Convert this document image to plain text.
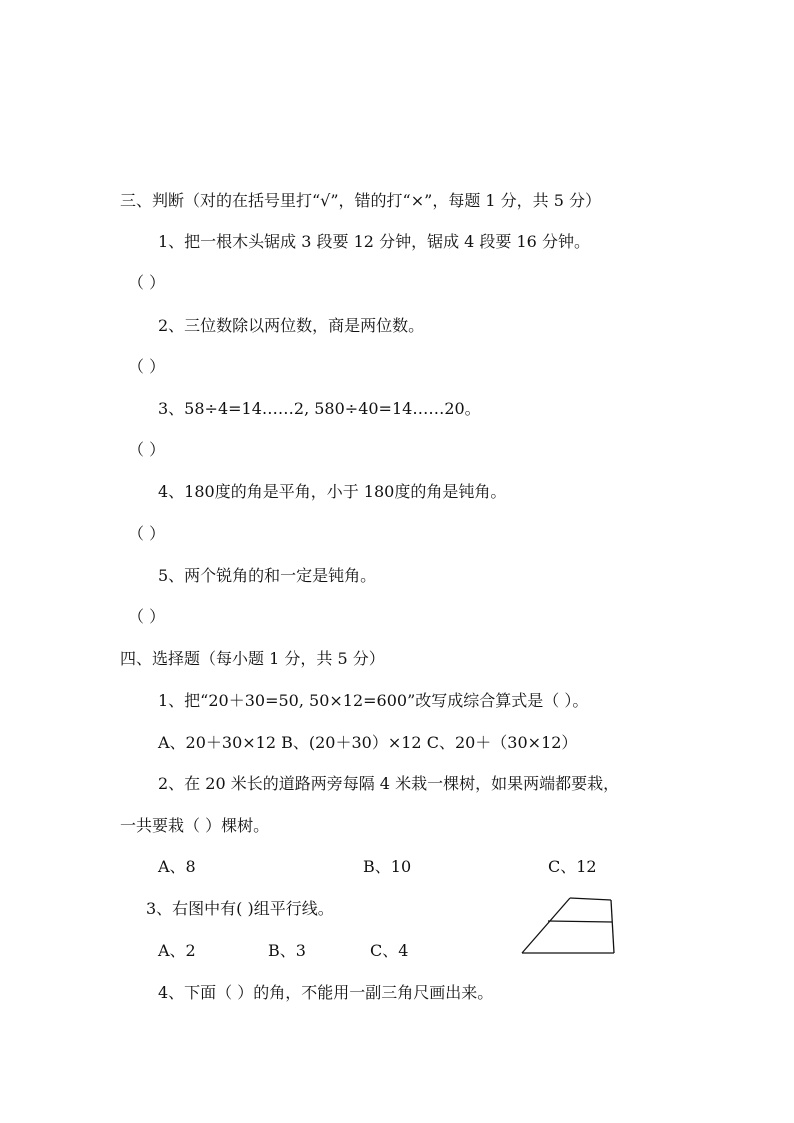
三、判断（对的在括号里打“√”，错的打“×”，每题 1 分，共 5 分）
1、把一根木头锯成 3 段要 12 分钟，锯成 4 段要 16 分钟。
（ ）
2、三位数除以两位数，商是两位数。
（ ）
3、58÷4=14……2, 580÷40=14……20。
（ ）
4、180度的角是平角，小于 180度的角是钝角。
（ ）
5、两个锐角的和一定是钝角。
（ ）
四、选择题（每小题 1 分，共 5 分）
1、把“20＋30=50, 50×12=600”改写成综合算式是（ ）。
A、20＋30×12 B、(20＋30）×12 C、20＋（30×12）
2、在 20 米长的道路两旁每隔 4 米栽一棵树，如果两端都要栽，
一共要栽（ ）棵树。
A、8	B、10	C、12
3、右图中有( )组平行线。
A、2	B、3	C、4
4、下面（ ）的角，不能用一副三角尺画出来。
